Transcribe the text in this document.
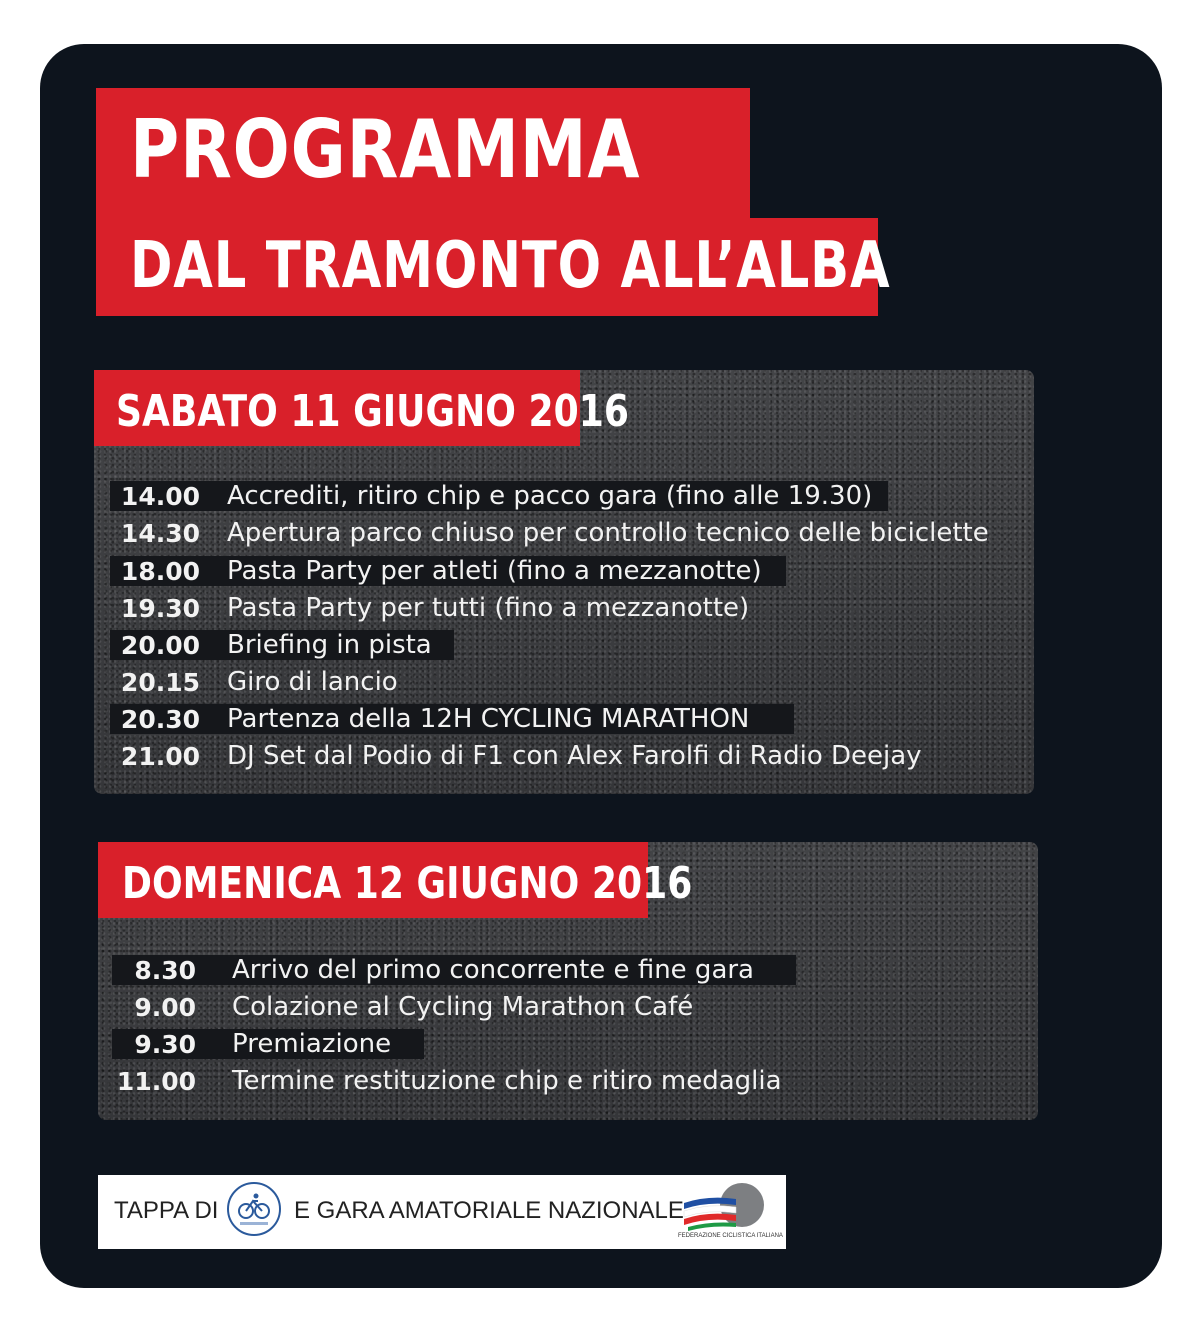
PROGRAMMA
DAL TRAMONTO ALL’ALBA
SABATO 11 GIUGNO 2016
14.00 Accrediti, ritiro chip e pacco gara (fino alle 19.30)
14.30 Apertura parco chiuso per controllo tecnico delle biciclette
18.00 Pasta Party per atleti (fino a mezzanotte)
19.30 Pasta Party per tutti (fino a mezzanotte)
20.00 Briefing in pista
20.15 Giro di lancio
20.30 Partenza della 12H CYCLING MARATHON
21.00 DJ Set dal Podio di F1 con Alex Farolfi di Radio Deejay
DOMENICA 12 GIUGNO 2016
8.30 Arrivo del primo concorrente e fine gara
9.00 Colazione al Cycling Marathon Café
9.30 Premiazione
11.00 Termine restituzione chip e ritiro medaglia
TAPPA DI	E GARA AMATORIALE NAZIONALE
FEDERAZIONE CICLISTICA ITALIANA
